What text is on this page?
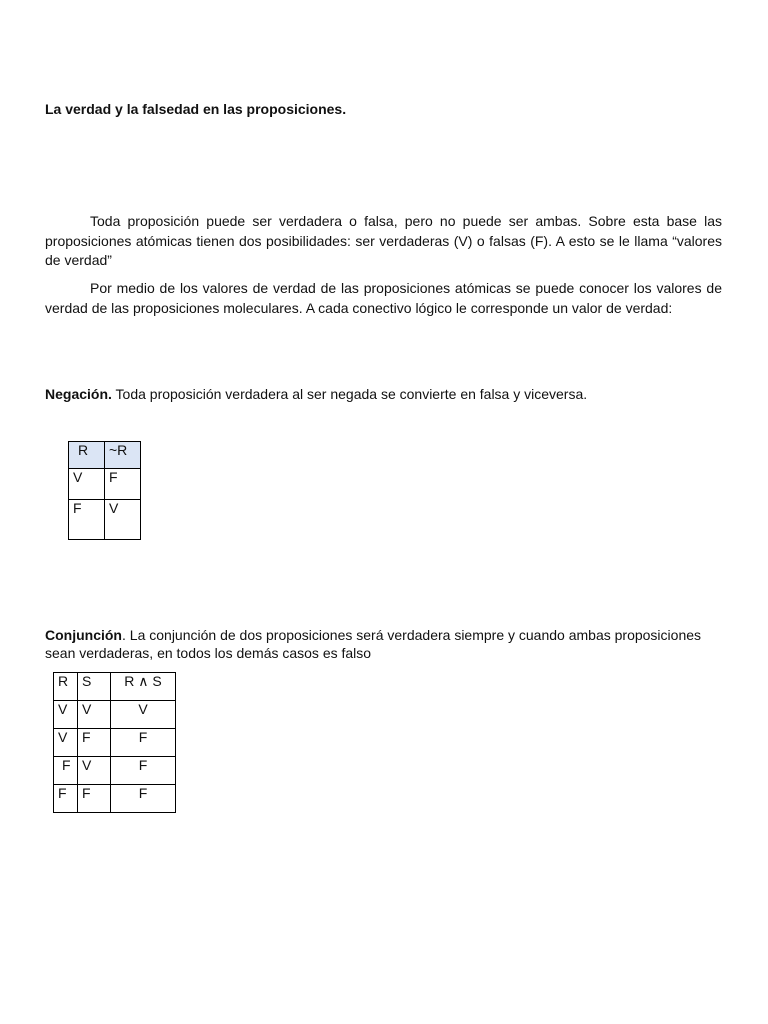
La verdad y la falsedad en las proposiciones.

Toda proposición puede ser verdadera o falsa, pero no puede ser ambas. Sobre esta base las proposiciones atómicas tienen dos posibilidades: ser verdaderas (V) o falsas (F). A esto se le llama “valores de verdad”

Por medio de los valores de verdad de las proposiciones atómicas se puede conocer los valores de verdad de las proposiciones moleculares. A cada conectivo lógico le corresponde un valor de verdad:

Negación. Toda proposición verdadera al ser negada se convierte en falsa y viceversa.

R	~R
V	F
F	V

Conjunción. La conjunción de dos proposiciones será verdadera siempre y cuando ambas proposiciones sean verdaderas, en todos los demás casos es falso

R	S	R ∧ S
V	V	V
V	F	F
F	V	F
F	F	F
